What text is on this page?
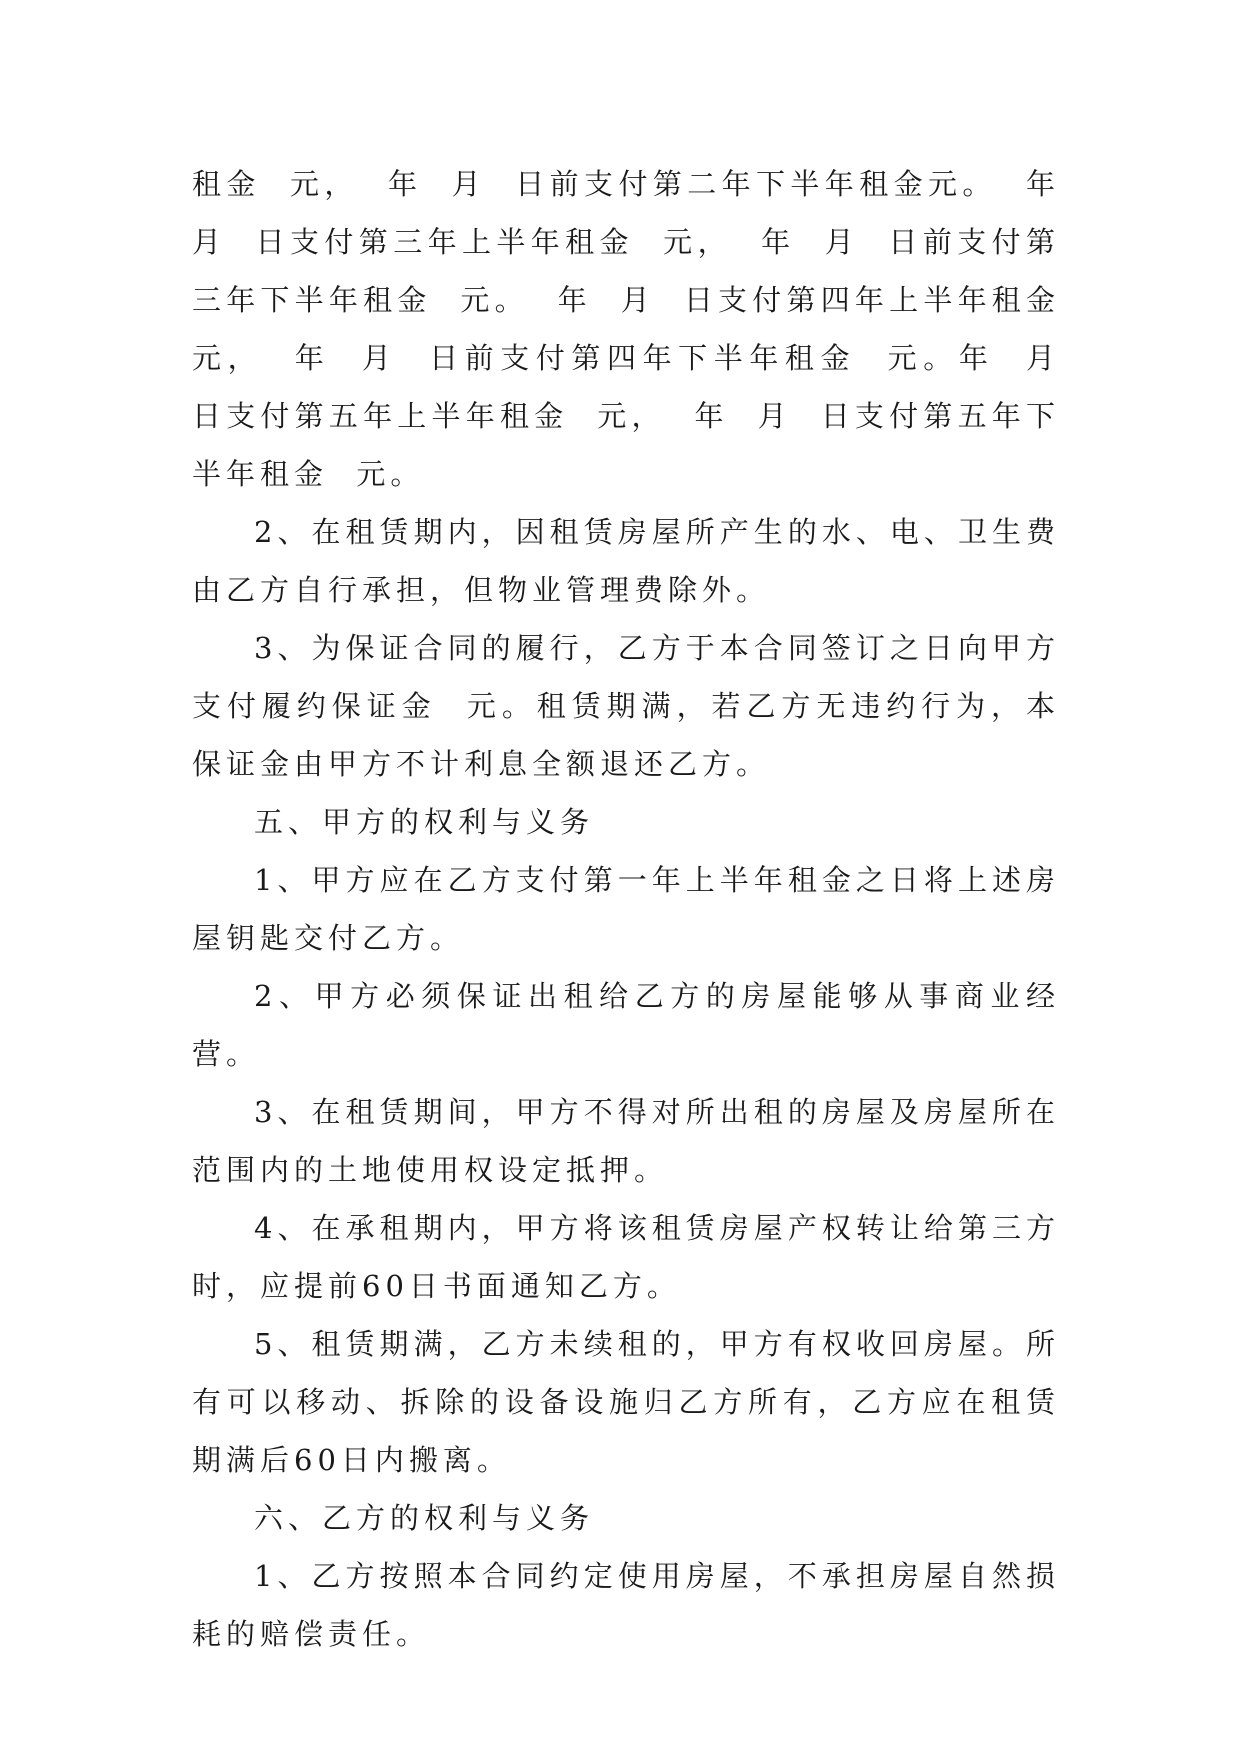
租金  元，  年  月  日前支付第二年下半年租金元。  年  月  日支付第三年上半年租金  元，  年  月  日前支付第三年下半年租金  元。  年  月  日支付第四年上半年租金  元，  年  月  日前支付第四年下半年租金  元。年  月  日支付第五年上半年租金  元，  年  月  日支付第五年下半年租金  元。

2、在租赁期内，因租赁房屋所产生的水、电、卫生费由乙方自行承担，但物业管理费除外。

3、为保证合同的履行，乙方于本合同签订之日向甲方支付履约保证金  元。租赁期满，若乙方无违约行为，本保证金由甲方不计利息全额退还乙方。

五、甲方的权利与义务

1、甲方应在乙方支付第一年上半年租金之日将上述房屋钥匙交付乙方。

2、甲方必须保证出租给乙方的房屋能够从事商业经营。

3、在租赁期间，甲方不得对所出租的房屋及房屋所在范围内的土地使用权设定抵押。

4、在承租期内，甲方将该租赁房屋产权转让给第三方时，应提前60日书面通知乙方。

5、租赁期满，乙方未续租的，甲方有权收回房屋。所有可以移动、拆除的设备设施归乙方所有，乙方应在租赁期满后60日内搬离。

六、乙方的权利与义务

1、乙方按照本合同约定使用房屋，不承担房屋自然损耗的赔偿责任。
